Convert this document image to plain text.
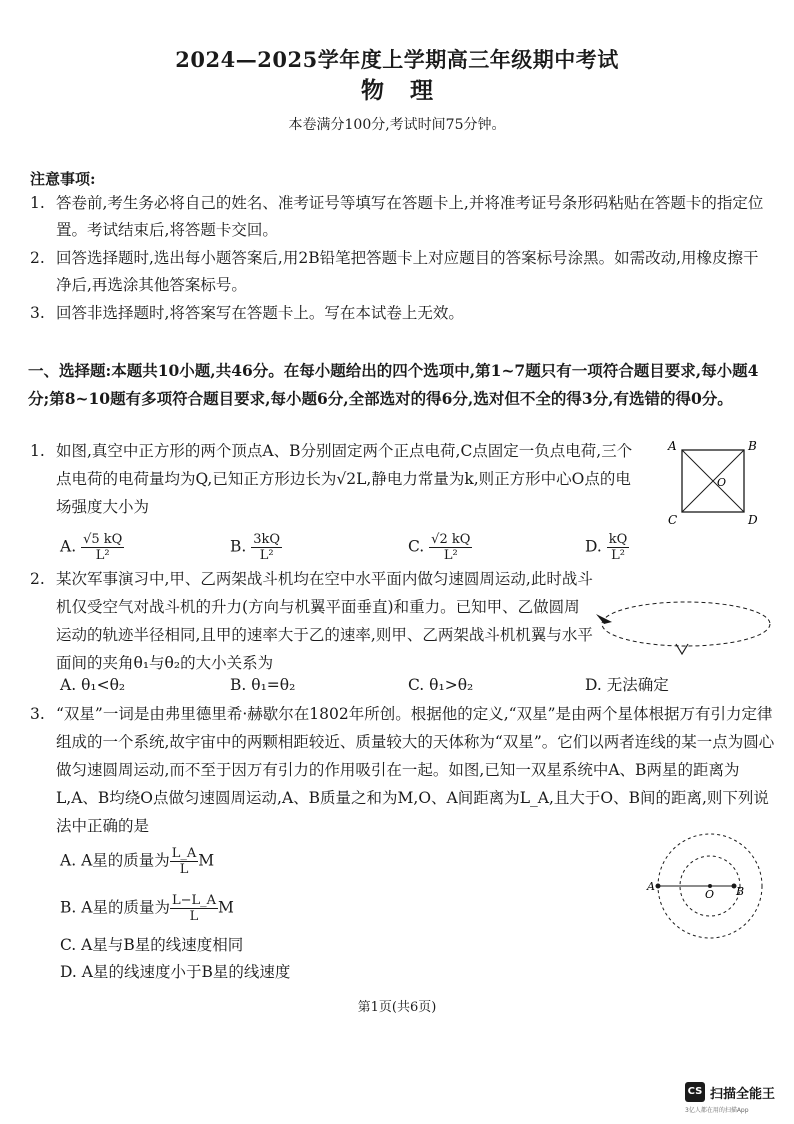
2024—2025学年度上学期高三年级期中考试
物理
本卷满分100分,考试时间75分钟。
注意事项:
1. 答卷前,考生务必将自己的姓名、准考证号等填写在答题卡上,并将准考证号条形码粘贴在答题卡的指定位置。考试结束后,将答题卡交回。
2. 回答选择题时,选出每小题答案后,用2B铅笔把答题卡上对应题目的答案标号涂黑。如需改动,用橡皮擦干净后,再选涂其他答案标号。
3. 回答非选择题时,将答案写在答题卡上。写在本试卷上无效。
一、选择题:本题共10小题,共46分。在每小题给出的四个选项中,第1~7题只有一项符合题目要求,每小题4分;第8~10题有多项符合题目要求,每小题6分,全部选对的得6分,选对但不全的得3分,有选错的得0分。
1. 如图,真空中正方形的两个顶点A、B分别固定两个正点电荷,C点固定一负点电荷,三个点电荷的电荷量均为Q,已知正方形边长为√2L,静电力常量为k,则正方形中心O点的电场强度大小为
A	B
C	D
O
A. $\frac{√5 kQ}{\text{L²}}$	B. $\frac{3kQ}{\text{L²}}$	C. $\frac{√2 kQ}{\text{L²}}$	D. $\frac{kQ}{\text{L²}}$
2. 某次军事演习中,甲、乙两架战斗机均在空中水平面内做匀速圆周运动,此时战斗机仅受空气对战斗机的升力(方向与机翼平面垂直)和重力。已知甲、乙做圆周运动的轨迹半径相同,且甲的速率大于乙的速率,则甲、乙两架战斗机机翼与水平面间的夹角θ₁与θ₂的大小关系为
A. θ₁<θ₂	B. θ₁=θ₂	C. θ₁>θ₂	D. 无法确定
3. “双星”一词是由弗里德里希·赫歇尔在1802年所创。根据他的定义,“双星”是由两个星体根据万有引力定律组成的一个系统,故宇宙中的两颗相距较近、质量较大的天体称为“双星”。它们以两者连线的某一点为圆心做匀速圆周运动,而不至于因万有引力的作用吸引在一起。如图,已知一双星系统中A、B两星的距离为L,A、B均绕O点做匀速圆周运动,A、B质量之和为M,O、A间距离为L_A,且大于O、B间的距离,则下列说法中正确的是
A
O B
A. A星的质量为 $\frac{L\_A}{L}$ M
B. A星的质量为 $\frac{L-L\_A}{L}$ M
C. A星与B星的线速度相同
D. A星的线速度小于B星的线速度
第1页(共6页)
CS 扫描全能王
3亿人都在用的扫描App
